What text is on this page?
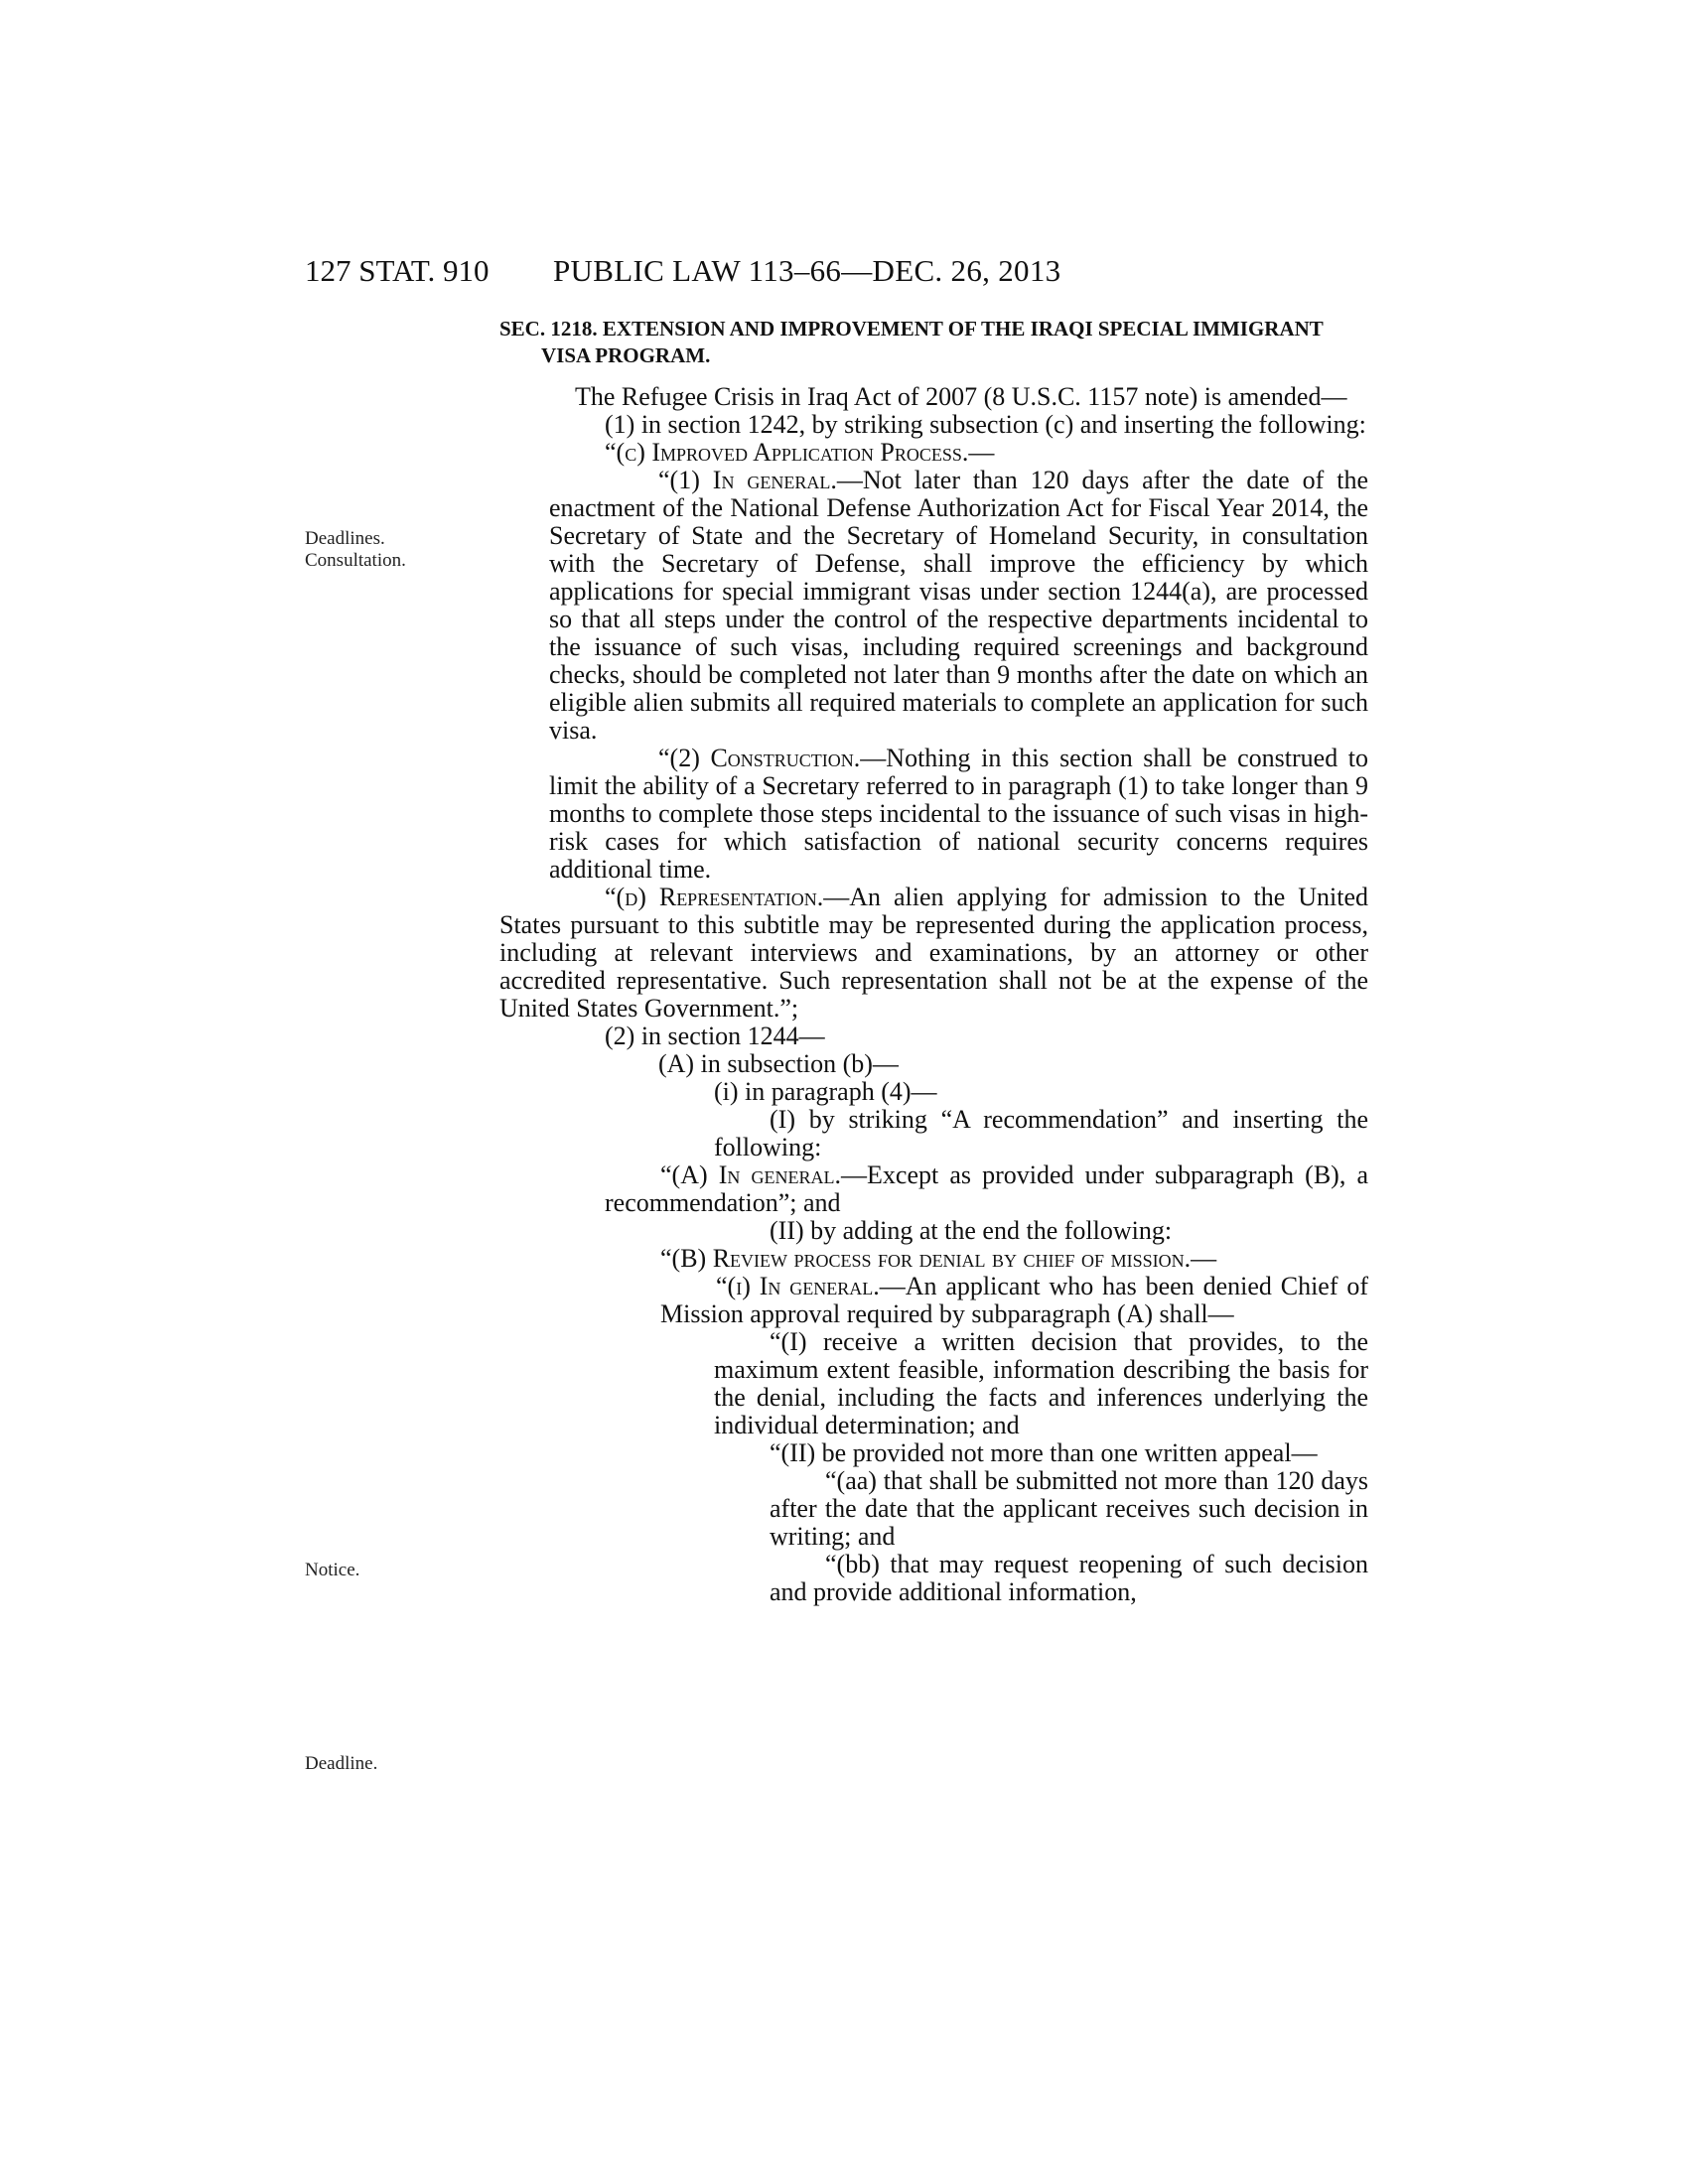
127 STAT. 910 PUBLIC LAW 113–66—DEC. 26, 2013
Deadlines.
Consultation.
Notice.
Deadline.
SEC. 1218. EXTENSION AND IMPROVEMENT OF THE IRAQI SPECIAL IMMIGRANT VISA PROGRAM.
The Refugee Crisis in Iraq Act of 2007 (8 U.S.C. 1157 note) is amended—
(1) in section 1242, by striking subsection (c) and inserting the following:
“(c) Improved Application Process.—
“(1) In general.—Not later than 120 days after the date of the enactment of the National Defense Authorization Act for Fiscal Year 2014, the Secretary of State and the Secretary of Homeland Security, in consultation with the Secretary of Defense, shall improve the efficiency by which applications for special immigrant visas under section 1244(a), are processed so that all steps under the control of the respective departments incidental to the issuance of such visas, including required screenings and background checks, should be completed not later than 9 months after the date on which an eligible alien submits all required materials to complete an application for such visa.
“(2) Construction.—Nothing in this section shall be construed to limit the ability of a Secretary referred to in paragraph (1) to take longer than 9 months to complete those steps incidental to the issuance of such visas in high-risk cases for which satisfaction of national security concerns requires additional time.
“(d) Representation.—An alien applying for admission to the United States pursuant to this subtitle may be represented during the application process, including at relevant interviews and examinations, by an attorney or other accredited representative. Such representation shall not be at the expense of the United States Government.”;
(2) in section 1244—
(A) in subsection (b)—
(i) in paragraph (4)—
(I) by striking “A recommendation” and inserting the following:
“(A) In general.—Except as provided under subparagraph (B), a recommendation”; and
(II) by adding at the end the following:
“(B) Review process for denial by chief of mission.—
“(i) In general.—An applicant who has been denied Chief of Mission approval required by subparagraph (A) shall—
“(I) receive a written decision that provides, to the maximum extent feasible, information describing the basis for the denial, including the facts and inferences underlying the individual determination; and
“(II) be provided not more than one written appeal—
“(aa) that shall be submitted not more than 120 days after the date that the applicant receives such decision in writing; and
“(bb) that may request reopening of such decision and provide additional information,
